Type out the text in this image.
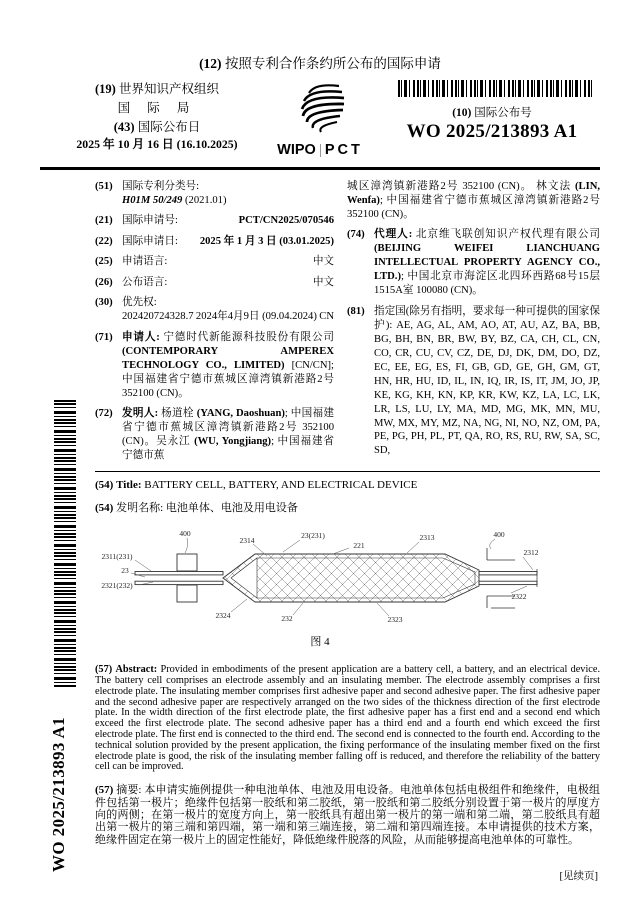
WO 2025/213893 A1
(12) 按照专利合作条约所公布的国际申请
(19) 世界知识产权组织
国 际 局
(43) 国际公布日
2025 年 10 月 16 日 (16.10.2025)	WIPO PCT
(10) 国际公布号
WO 2025/213893 A1
(51) 国际专利分类号:
H01M 50/249 (2021.01)
(21) 国际申请号:	PCT/CN2025/070546
(22) 国际申请日: 2025 年 1 月 3 日 (03.01.2025)
(25) 申请语言:	中文
(26) 公布语言:	中文
(30) 优先权:
202420724328.7 2024年4月9日 (09.04.2024) CN
(71) 申请人: 宁德时代新能源科技股份有限公司 (CONTEMPORARY AMPEREX TECHNOLOGY CO., LIMITED) [CN/CN]; 中国福建省宁德市蕉城区漳湾镇新港路2号 352100 (CN)。
(72) 发明人: 杨道栓 (YANG, Daoshuan); 中国福建省宁德市蕉城区漳湾镇新港路2号 352100 (CN)。吴永江 (WU, Yongjiang); 中国福建省宁德市蕉
城区漳湾镇新港路2号 352100 (CN)。 林文法 (LIN, Wenfa); 中国福建省宁德市蕉城区漳湾镇新港路2号 352100 (CN)。
(74) 代理人: 北京维飞联创知识产权代理有限公司 (BEIJING WEIFEI LIANCHUANG INTELLECTUAL PROPERTY AGENCY CO., LTD.); 中国北京市海淀区北四环西路68号15层1515A室 100080 (CN)。
(81) 指定国(除另有指明，要求每一种可提供的国家保护): AE, AG, AL, AM, AO, AT, AU, AZ, BA, BB, BG, BH, BN, BR, BW, BY, BZ, CA, CH, CL, CN, CO, CR, CU, CV, CZ, DE, DJ, DK, DM, DO, DZ, EC, EE, EG, ES, FI, GB, GD, GE, GH, GM, GT, HN, HR, HU, ID, IL, IN, IQ, IR, IS, IT, JM, JO, JP, KE, KG, KH, KN, KP, KR, KW, KZ, LA, LC, LK, LR, LS, LU, LY, MA, MD, MG, MK, MN, MU, MW, MX, MY, MZ, NA, NG, NI, NO, NZ, OM, PA, PE, PG, PH, PL, PT, QA, RO, RS, RU, RW, SA, SC, SD,

(54) Title: BATTERY CELL, BATTERY, AND ELECTRICAL DEVICE

(54) 发明名称: 电池单体、电池及用电设备

400
2314
23(231)
221
2313	400
2312
2311(231)
23
2321(232)
2324	232	2323
2322
图 4
(57) Abstract: Provided in embodiments of the present application are a battery cell, a battery, and an electrical device. The battery cell comprises an electrode assembly and an insulating member. The electrode assembly comprises a first electrode plate. The insulating member comprises first adhesive paper and second adhesive paper. The first adhesive paper and the second adhesive paper are respectively arranged on the two sides of the thickness direction of the first electrode plate. In the width direction of the first electrode plate, the first adhesive paper has a first end and a second end which exceed the first electrode plate. The second adhesive paper has a third end and a fourth end which exceed the first electrode plate. The first end is connected to the third end. The second end is connected to the fourth end. According to the technical solution provided by the present application, the fixing performance of the insulating member fixed on the first electrode plate is good, the risk of the insulating member falling off is reduced, and therefore the reliability of the battery cell can be improved.
(57) 摘要: 本申请实施例提供一种电池单体、电池及用电设备。电池单体包括电极组件和绝缘件，电极组件包括第一极片；绝缘件包括第一胶纸和第二胶纸，第一胶纸和第二胶纸分别设置于第一极片的厚度方向的两侧；在第一极片的宽度方向上，第一胶纸具有超出第一极片的第一端和第二端，第二胶纸具有超出第一极片的第三端和第四端，第一端和第三端连接，第二端和第四端连接。本申请提供的技术方案，绝缘件固定在第一极片上的固定性能好，降低绝缘件脱落的风险，从而能够提高电池单体的可靠性。
[见续页]
